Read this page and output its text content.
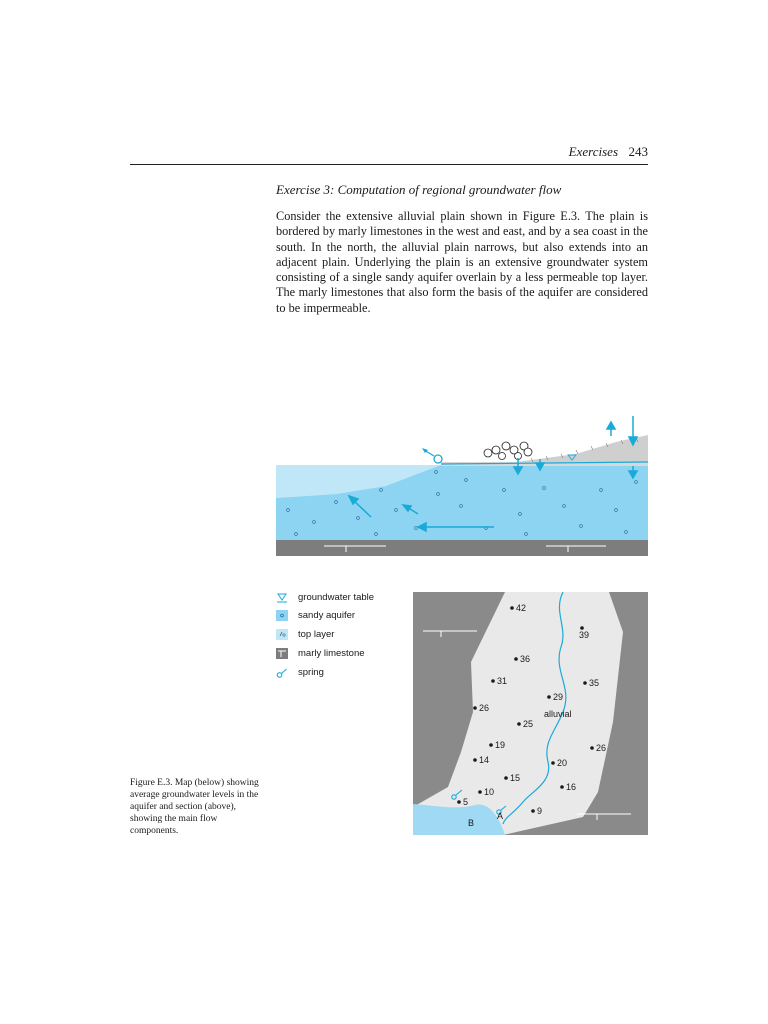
Exercises 243
Exercise 3: Computation of regional groundwater flow
Consider the extensive alluvial plain shown in Figure E.3. The plain is bordered by marly limestones in the west and east, and by a sea coast in the south. In the north, the alluvial plain narrows, but also extends into an adjacent plain. Underlying the plain is an extensive groundwater system consisting of a single sandy aquifer overlain by a less permeable top layer. The marly limestones that also form the basis of the aquifer are considered to be impermeable.
groundwater table
sandy aquifer
top layer
marly limestone
spring
42
39
36
35
31
29
26
25
26
19
20
14
15
16
10
5
9
alluvial
A
B
Figure E.3. Map (below) showing average groundwater levels in the aquifer and section (above), showing the main flow components.
